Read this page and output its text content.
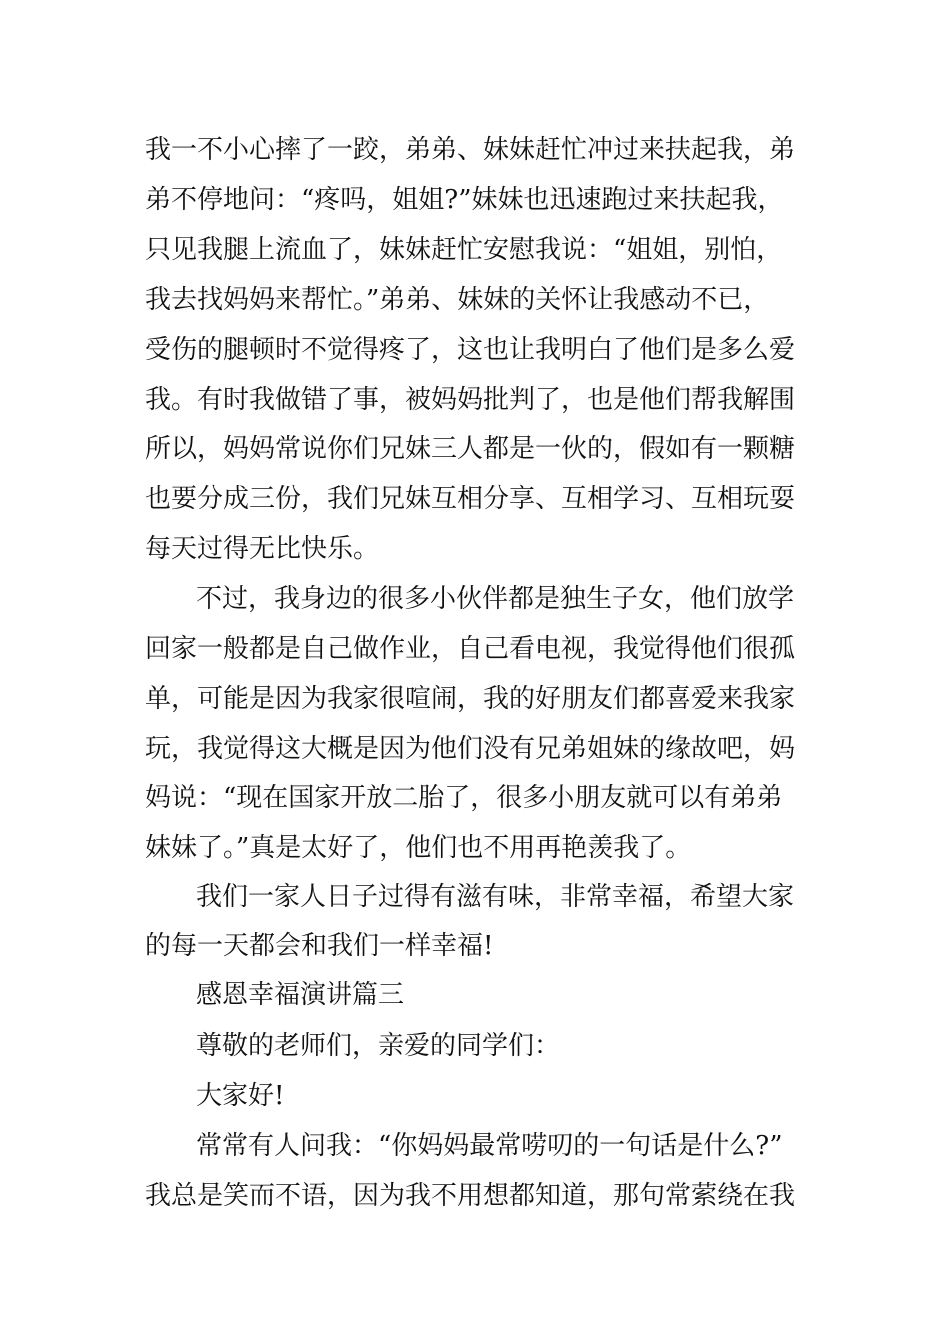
我一不小心摔了一跤，弟弟、妹妹赶忙冲过来扶起我，弟
弟不停地问：“疼吗，姐姐?”妹妹也迅速跑过来扶起我，
只见我腿上流血了，妹妹赶忙安慰我说：“姐姐，别怕，
我去找妈妈来帮忙。”弟弟、妹妹的关怀让我感动不已，
受伤的腿顿时不觉得疼了，这也让我明白了他们是多么爱
我。有时我做错了事，被妈妈批判了，也是他们帮我解围
所以，妈妈常说你们兄妹三人都是一伙的，假如有一颗糖
也要分成三份，我们兄妹互相分享、互相学习、互相玩耍
每天过得无比快乐。
不过，我身边的很多小伙伴都是独生子女，他们放学
回家一般都是自己做作业，自己看电视，我觉得他们很孤
单，可能是因为我家很喧闹，我的好朋友们都喜爱来我家
玩，我觉得这大概是因为他们没有兄弟姐妹的缘故吧，妈
妈说：“现在国家开放二胎了，很多小朋友就可以有弟弟
妹妹了。”真是太好了，他们也不用再艳羡我了。
我们一家人日子过得有滋有味，非常幸福，希望大家
的每一天都会和我们一样幸福!
感恩幸福演讲篇三
尊敬的老师们，亲爱的同学们：
大家好!
常常有人问我：“你妈妈最常唠叨的一句话是什么?”
我总是笑而不语，因为我不用想都知道，那句常萦绕在我
